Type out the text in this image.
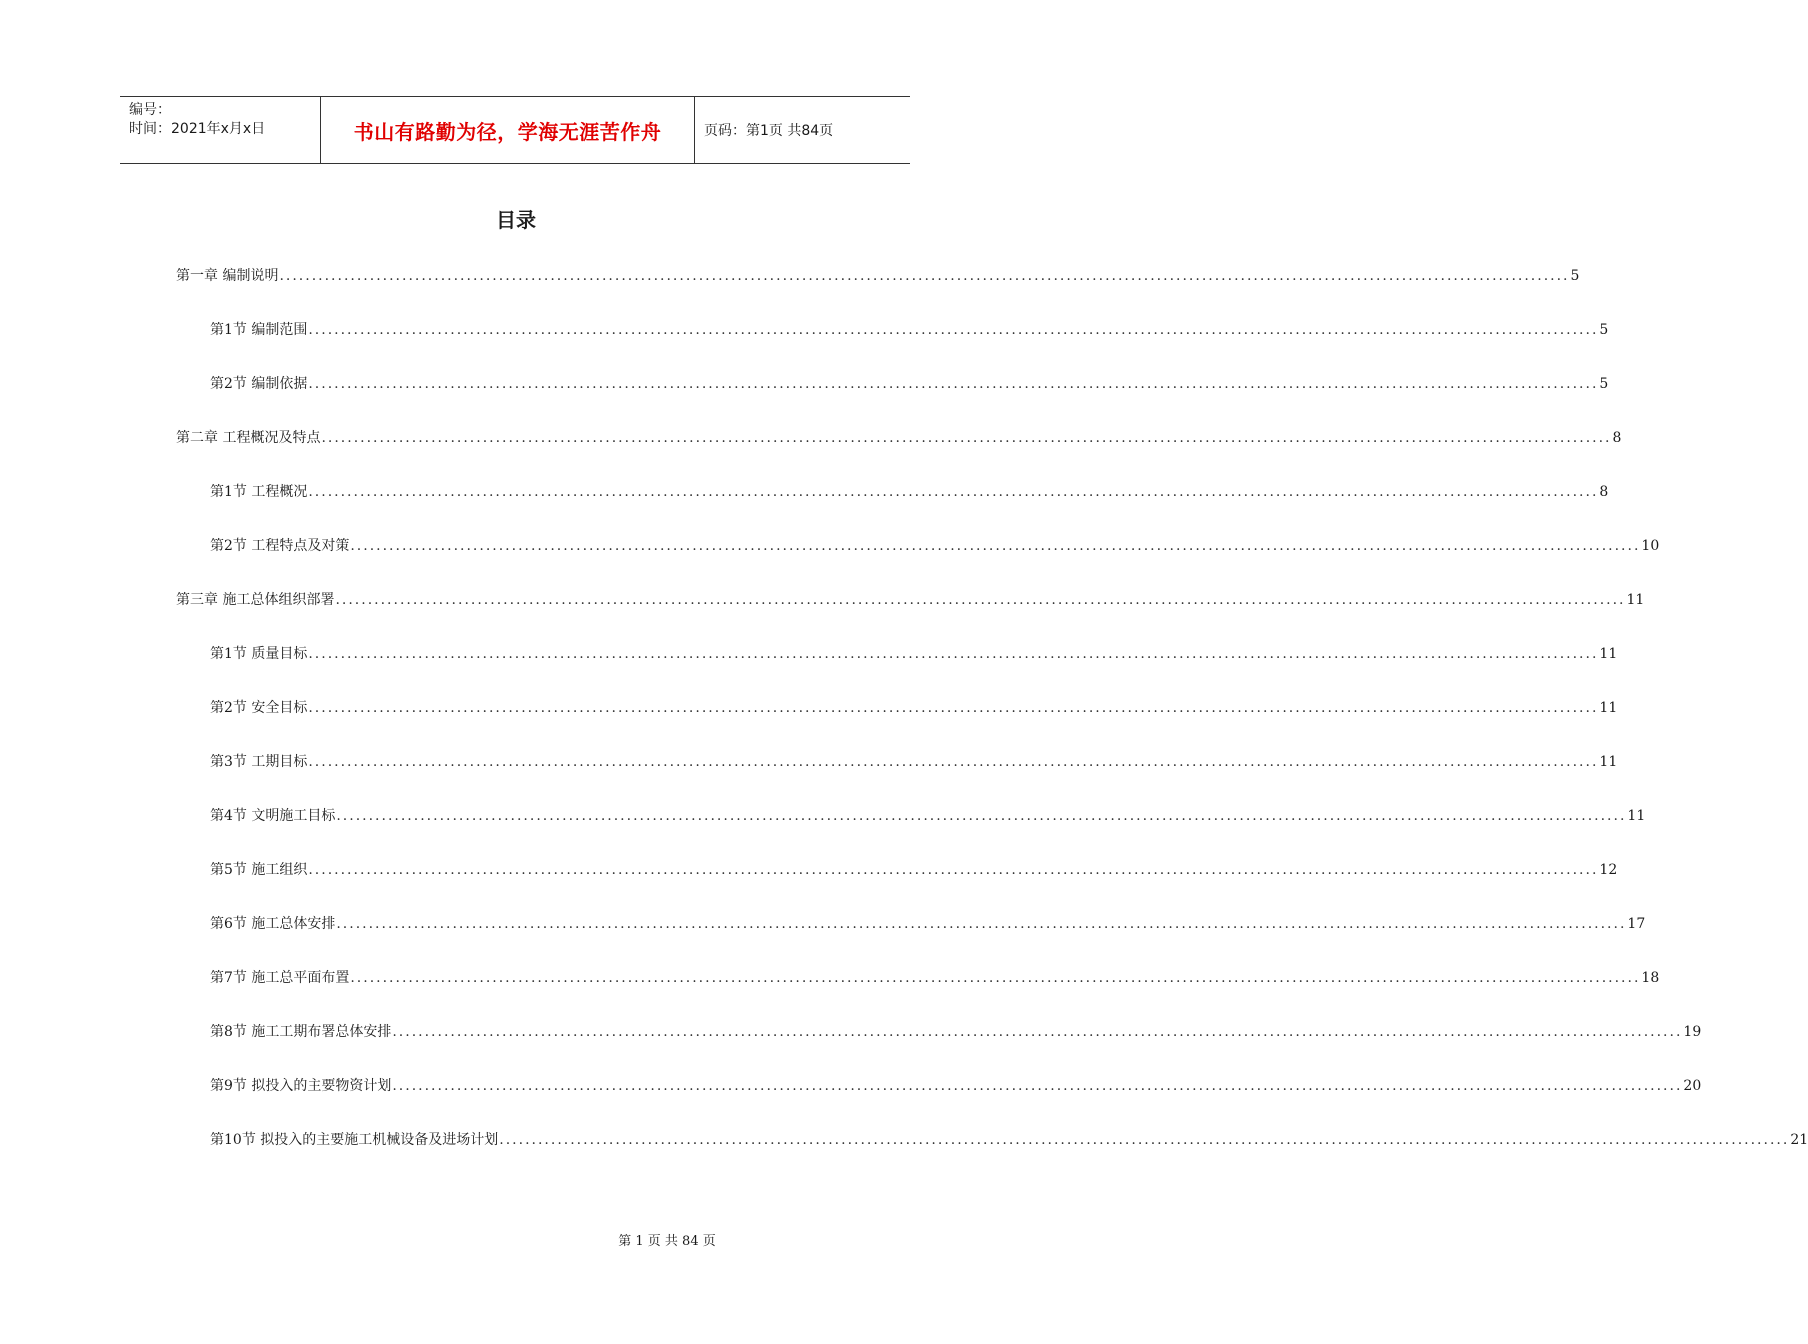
编号：
时间：2021年x月x日	书山有路勤为径，学海无涯苦作舟	页码：第1页 共84页
目录
第一章 编制说明 ........................................................................................................................................................................................................ 5
第1节 编制范围 ........................................................................................................................................................................................................ 5
第2节 编制依据 ........................................................................................................................................................................................................ 5
第二章 工程概况及特点 ........................................................................................................................................................................................................ 8
第1节 工程概况 ........................................................................................................................................................................................................ 8
第2节 工程特点及对策 ........................................................................................................................................................................................................ 10
第三章 施工总体组织部署 ........................................................................................................................................................................................................ 11
第1节 质量目标 ........................................................................................................................................................................................................ 11
第2节 安全目标 ........................................................................................................................................................................................................ 11
第3节 工期目标 ........................................................................................................................................................................................................ 11
第4节 文明施工目标 ........................................................................................................................................................................................................ 11
第5节 施工组织 ........................................................................................................................................................................................................ 12
第6节 施工总体安排 ........................................................................................................................................................................................................ 17
第7节 施工总平面布置 ........................................................................................................................................................................................................ 18
第8节 施工工期布署总体安排 ........................................................................................................................................................................................................ 19
第9节 拟投入的主要物资计划 ........................................................................................................................................................................................................ 20
第10节 拟投入的主要施工机械设备及进场计划 ........................................................................................................................................................................................................ 21
第 1 页 共 84 页
